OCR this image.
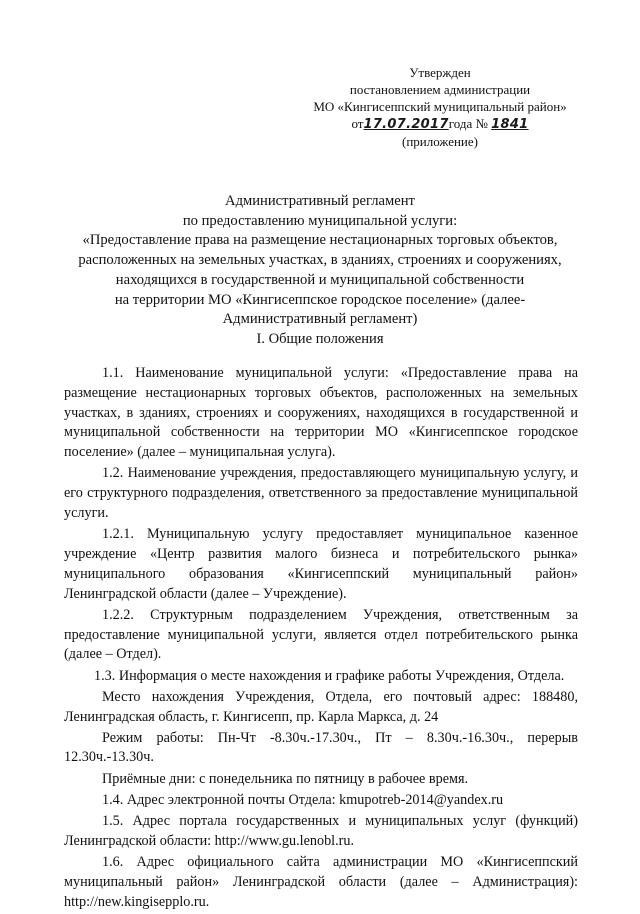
Утвержден
постановлением администрации
МО «Кингисеппский муниципальный район»
от17.07.2017года № 1841
(приложение)
Административный регламент
по предоставлению муниципальной услуги:
«Предоставление права на размещение нестационарных торговых объектов,
расположенных на земельных участках, в зданиях, строениях и сооружениях,
находящихся в государственной и муниципальной собственности
на территории МО «Кингисеппское городское поселение» (далее-
Административный регламент)
I. Общие положения

1.1. Наименование муниципальной услуги: «Предоставление права на размещение нестационарных торговых объектов, расположенных на земельных участках, в зданиях, строениях и сооружениях, находящихся в государственной и муниципальной собственности на территории МО «Кингисеппское городское поселение» (далее – муниципальная услуга).

1.2. Наименование учреждения, предоставляющего муниципальную услугу, и его структурного подразделения, ответственного за предоставление муниципальной услуги.

1.2.1. Муниципальную услугу предоставляет муниципальное казенное учреждение «Центр развития малого бизнеса и потребительского рынка» муниципального образования «Кингисеппский муниципальный район» Ленинградской области (далее – Учреждение).

1.2.2. Структурным подразделением Учреждения, ответственным за предоставление муниципальной услуги, является отдел потребительского рынка (далее – Отдел).

1.3. Информация о месте нахождения и графике работы Учреждения, Отдела.

Место нахождения Учреждения, Отдела, его почтовый адрес: 188480, Ленинградская область, г. Кингисепп, пр. Карла Маркса, д. 24

Режим работы: Пн-Чт -8.30ч.-17.30ч., Пт – 8.30ч.-16.30ч., перерыв 12.30ч.-13.30ч.

Приёмные дни: с понедельника по пятницу в рабочее время.

1.4. Адрес электронной почты Отдела: kmupotreb-2014@yandex.ru

1.5. Адрес портала государственных и муниципальных услуг (функций) Ленинградской области: http://www.gu.lenobl.ru.

1.6. Адрес официального сайта администрации МО «Кингисеппский муниципальный район» Ленинградской области (далее – Администрация): http://new.kingisepplo.ru.
